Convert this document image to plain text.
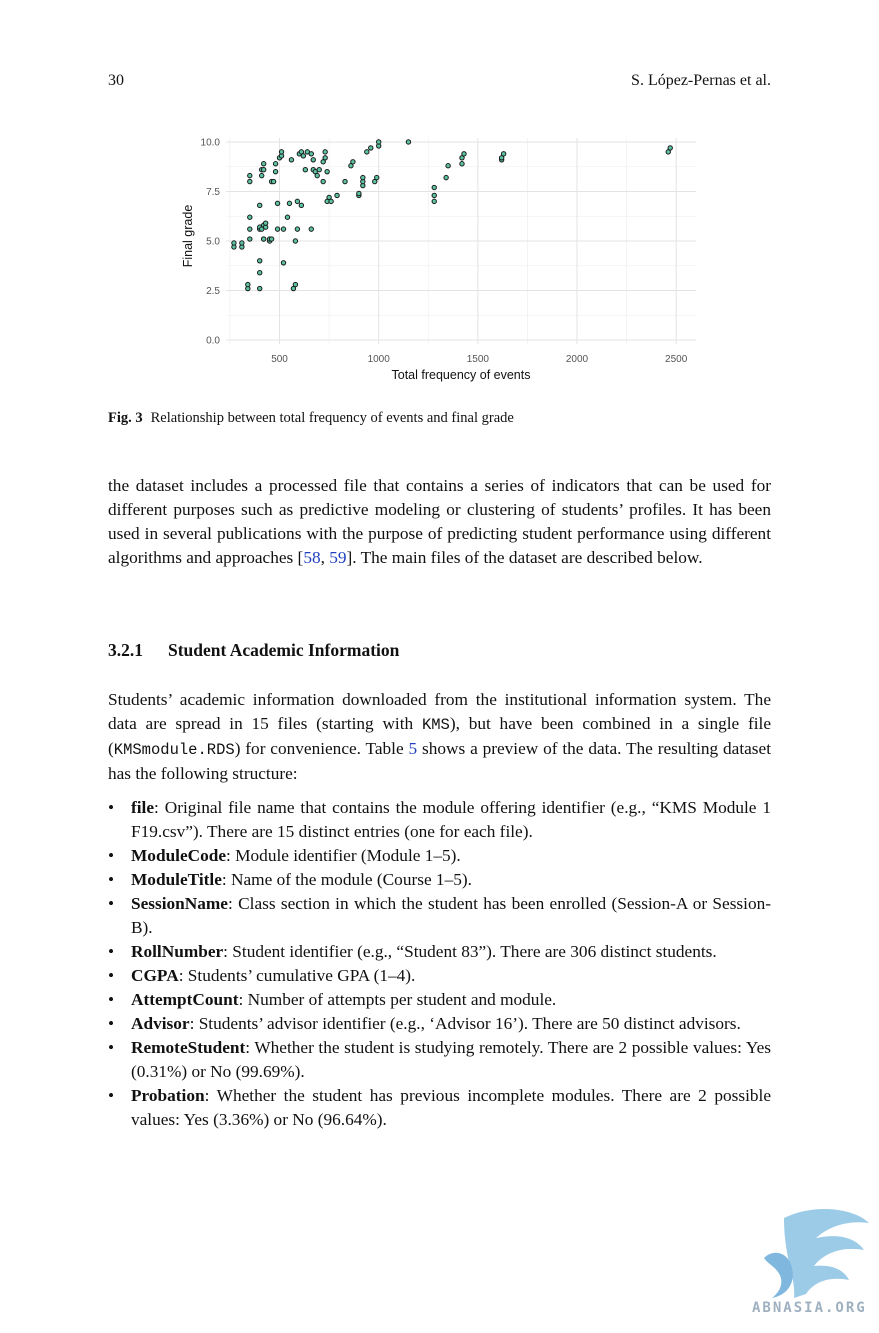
30	S. López-Pernas et al.
500	1000	1500	2000	2500
0.0
2.5
5.0
7.5
10.0
Total frequency of events
Final grade
Fig. 3 Relationship between total frequency of events and final grade
the dataset includes a processed file that contains a series of indicators that can be used for different purposes such as predictive modeling or clustering of students’ profiles. It has been used in several publications with the purpose of predicting student performance using different algorithms and approaches [58, 59]. The main files of the dataset are described below.
3.2.1 Student Academic Information
Students’ academic information downloaded from the institutional information system. The data are spread in 15 files (starting with KMS), but have been combined in a single file (KMSmodule.RDS) for convenience. Table 5 shows a preview of the data. The resulting dataset has the following structure:
• file: Original file name that contains the module offering identifier (e.g., “KMS Module 1 F19.csv”). There are 15 distinct entries (one for each file).
• ModuleCode: Module identifier (Module 1–5).
• ModuleTitle: Name of the module (Course 1–5).
• SessionName: Class section in which the student has been enrolled (Session-A or Session-B).
• RollNumber: Student identifier (e.g., “Student 83”). There are 306 distinct students.
• CGPA: Students’ cumulative GPA (1–4).
• AttemptCount: Number of attempts per student and module.
• Advisor: Students’ advisor identifier (e.g., ‘Advisor 16’). There are 50 distinct advisors.
• RemoteStudent: Whether the student is studying remotely. There are 2 possible values: Yes (0.31%) or No (99.69%).
• Probation: Whether the student has previous incomplete modules. There are 2 possible values: Yes (3.36%) or No (96.64%).
ABNASIA.ORG
